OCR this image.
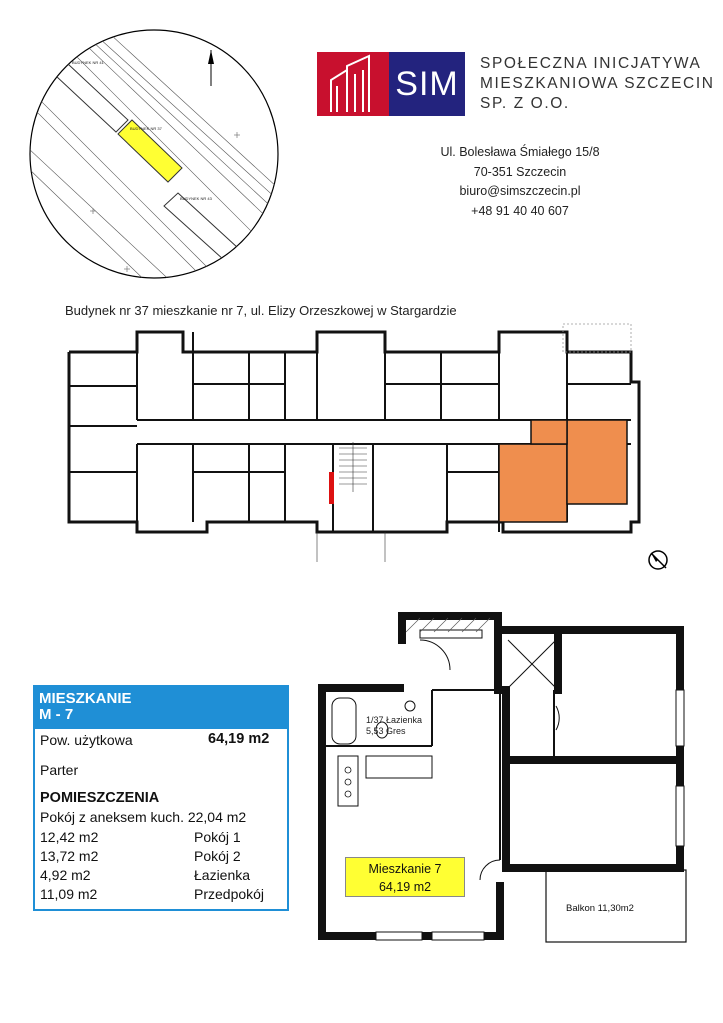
BUDYNEK NR 41
BUDYNEK NR 37
BUDYNEK NR 43
SIM
SPOŁECZNA INICJATYWA
MIESZKANIOWA SZCZECIN
SP. Z O.O.
Ul. Bolesława Śmiałego 15/8
70-351 Szczecin
biuro@simszczecin.pl
+48 91 40 40 607
Budynek nr 37 mieszkanie nr 7, ul. Elizy Orzeszkowej w Stargardzie
MIESZKANIE
M - 7
Pow. użytkowa	64,19 m2
Parter
POMIESZCZENIA
Pokój z aneksem kuch. 22,04 m2
12,42 m2	Pokój 1
13,72 m2	Pokój 2
4,92 m2	Łazienka
11,09 m2	Przedpokój
1/37 Łazienka
5,53 Gres
Mieszkanie 7
64,19 m2
Balkon 11,30m2
